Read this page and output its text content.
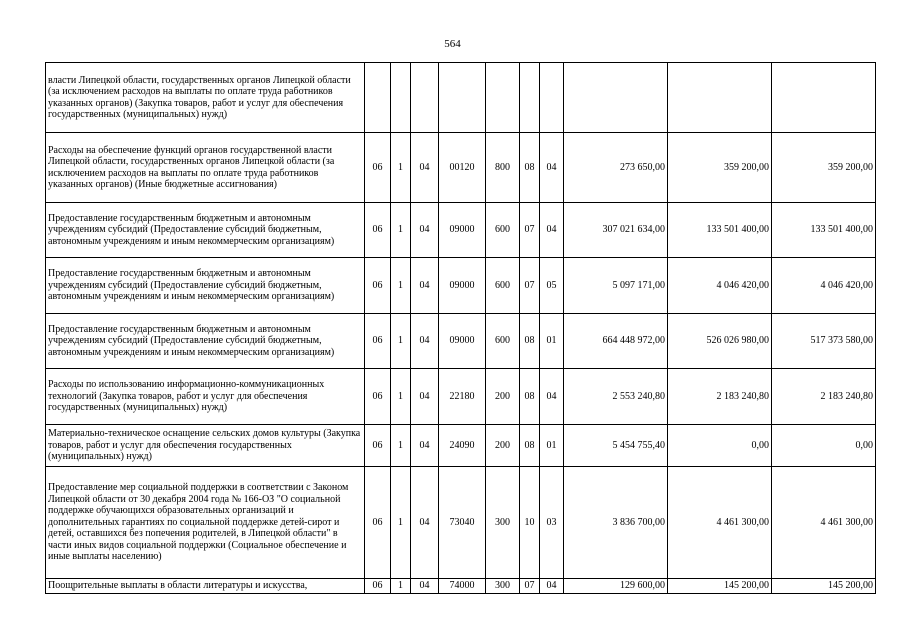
564
власти Липецкой области, государственных органов Липецкой области (за исключением расходов на выплаты по оплате труда работников указанных органов) (Закупка товаров, работ и услуг для обеспечения государственных (муниципальных) нужд)										
Расходы на обеспечение функций органов государственной власти Липецкой области, государственных органов Липецкой области (за исключением расходов на выплаты по оплате труда работников указанных органов) (Иные бюджетные ассигнования)	06	1	04	00120	800	08	04	273 650,00	359 200,00	359 200,00
Предоставление государственным бюджетным и автономным учреждениям субсидий (Предоставление субсидий бюджетным, автономным учреждениям и иным некоммерческим организациям)	06	1	04	09000	600	07	04	307 021 634,00	133 501 400,00	133 501 400,00
Предоставление государственным бюджетным и автономным учреждениям субсидий (Предоставление субсидий бюджетным, автономным учреждениям и иным некоммерческим организациям)	06	1	04	09000	600	07	05	5 097 171,00	4 046 420,00	4 046 420,00
Предоставление государственным бюджетным и автономным учреждениям субсидий (Предоставление субсидий бюджетным, автономным учреждениям и иным некоммерческим организациям)	06	1	04	09000	600	08	01	664 448 972,00	526 026 980,00	517 373 580,00
Расходы по использованию информационно-коммуникационных технологий (Закупка товаров, работ и услуг для обеспечения государственных (муниципальных) нужд)	06	1	04	22180	200	08	04	2 553 240,80	2 183 240,80	2 183 240,80
Материально-техническое оснащение сельских домов культуры (Закупка товаров, работ и услуг для обеспечения государственных (муниципальных) нужд)	06	1	04	24090	200	08	01	5 454 755,40	0,00	0,00
Предоставление мер социальной поддержки в соответствии с Законом Липецкой области от 30 декабря 2004 года № 166-ОЗ "О социальной поддержке обучающихся образовательных организаций и дополнительных гарантиях по социальной поддержке детей-сирот и детей, оставшихся без попечения родителей, в Липецкой области" в части иных видов социальной поддержки (Социальное обеспечение и иные выплаты населению)	06	1	04	73040	300	10	03	3 836 700,00	4 461 300,00	4 461 300,00
Поощрительные выплаты в области литературы и искусства,	06	1	04	74000	300	07	04	129 600,00	145 200,00	145 200,00
